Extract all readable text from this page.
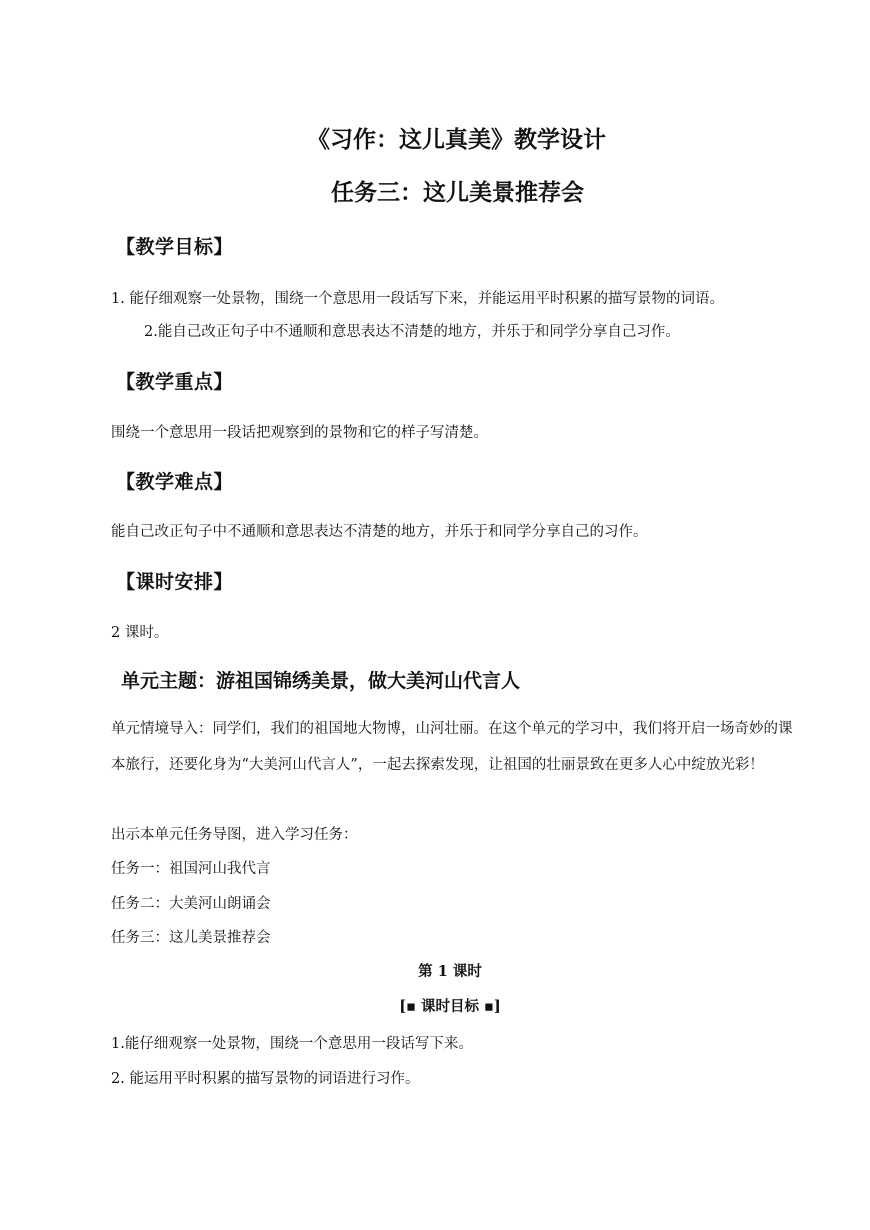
《习作：这儿真美》教学设计
任务三：这儿美景推荐会
【教学目标】
1. 能仔细观察一处景物，围绕一个意思用一段话写下来，并能运用平时积累的描写景物的词语。
2.能自己改正句子中不通顺和意思表达不清楚的地方，并乐于和同学分享自己习作。
【教学重点】
围绕一个意思用一段话把观察到的景物和它的样子写清楚。
【教学难点】
能自己改正句子中不通顺和意思表达不清楚的地方，并乐于和同学分享自己的习作。
【课时安排】
2 课时。
单元主题：游祖国锦绣美景，做大美河山代言人
单元情境导入：同学们，我们的祖国地大物博，山河壮丽。在这个单元的学习中，我们将开启一场奇妙的课本旅行，还要化身为“大美河山代言人”，一起去探索发现，让祖国的壮丽景致在更多人心中绽放光彩！
出示本单元任务导图，进入学习任务：
任务一：祖国河山我代言
任务二：大美河山朗诵会
任务三：这儿美景推荐会
第 1 课时
[▪ 课时目标 ▪]
1.能仔细观察一处景物，围绕一个意思用一段话写下来。
2. 能运用平时积累的描写景物的词语进行习作。
